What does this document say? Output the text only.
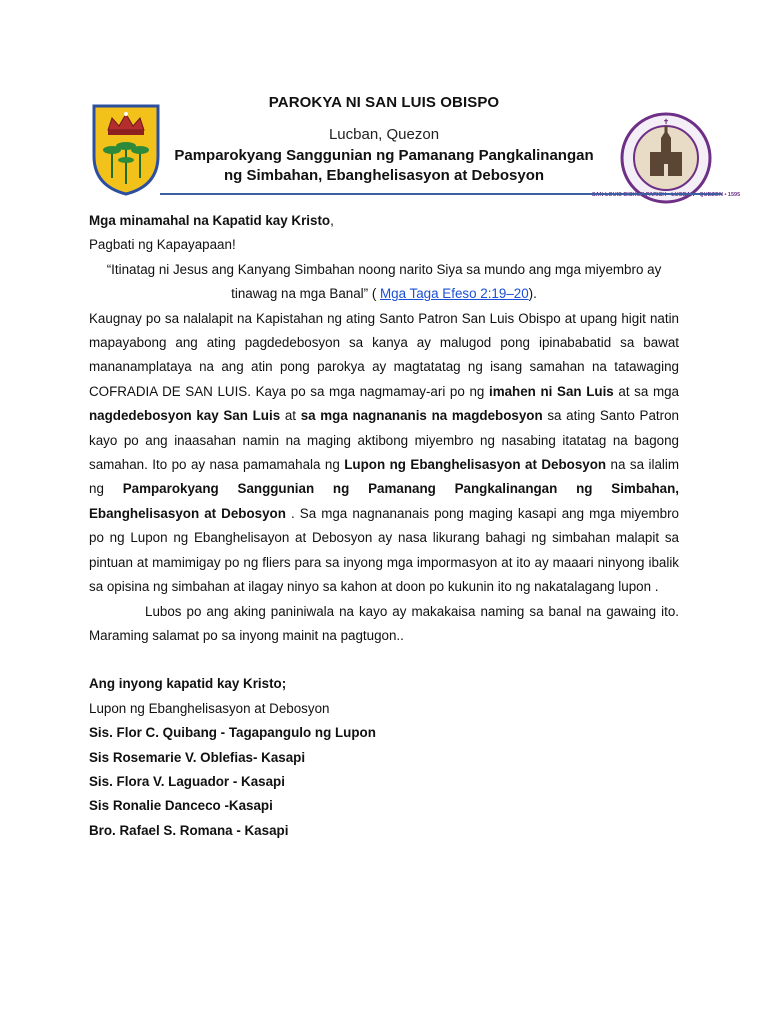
✝
SAN LOUIS BISHOP PARISH • LUCBAN • QUEZON • 1595
PAROKYA NI SAN LUIS OBISPO
Lucban, Quezon
Pamparokyang Sanggunian ng Pamanang Pangkalinangan
ng Simbahan, Ebanghelisasyon at Debosyon

Mga minamahal na Kapatid kay Kristo,

Pagbati ng Kapayapaan!

“Itinatag ni Jesus ang Kanyang Simbahan noong narito Siya sa mundo ang mga miyembro ay

tinawag na mga Banal” ( Mga Taga Efeso 2:19–20).

Kaugnay po sa nalalapit na Kapistahan ng ating Santo Patron San Luis Obispo at upang higit natin mapayabong ang ating pagdedebosyon sa kanya ay malugod pong ipinababatid sa bawat mananamplataya na ang atin pong parokya ay magtatatag ng isang samahan na tatawaging COFRADIA DE SAN LUIS. Kaya po sa mga nagmamay-ari po ng imahen ni San Luis at sa mga nagdedebosyon kay San Luis at sa mga nagnananis na magdebosyon sa ating Santo Patron kayo po ang inaasahan namin na maging aktibong miyembro ng nasabing itatatag na bagong samahan. Ito po ay nasa pamamahala ng Lupon ng Ebanghelisasyon at Debosyon na sa ilalim ng Pamparokyang Sanggunian ng Pamanang Pangkalinangan ng Simbahan, Ebanghelisasyon at Debosyon . Sa mga nagnananais pong maging kasapi ang mga miyembro po ng Lupon ng Ebanghelisayon at Debosyon ay nasa likurang bahagi ng simbahan malapit sa pintuan at mamimigay po ng fliers para sa inyong mga impormasyon at ito ay maaari ninyong ibalik sa opisina ng simbahan at ilagay ninyo sa kahon at doon po kukunin ito ng nakatalagang lupon .

Lubos po ang aking paniniwala na kayo ay makakaisa naming sa banal na gawaing ito. Maraming salamat po sa inyong mainit na pagtugon..

Ang inyong kapatid kay Kristo;

Lupon ng Ebanghelisasyon at Debosyon

Sis. Flor C. Quibang - Tagapangulo ng Lupon

Sis Rosemarie V. Oblefias- Kasapi

Sis. Flora V. Laguador - Kasapi

Sis Ronalie Danceco -Kasapi

Bro. Rafael S. Romana - Kasapi
